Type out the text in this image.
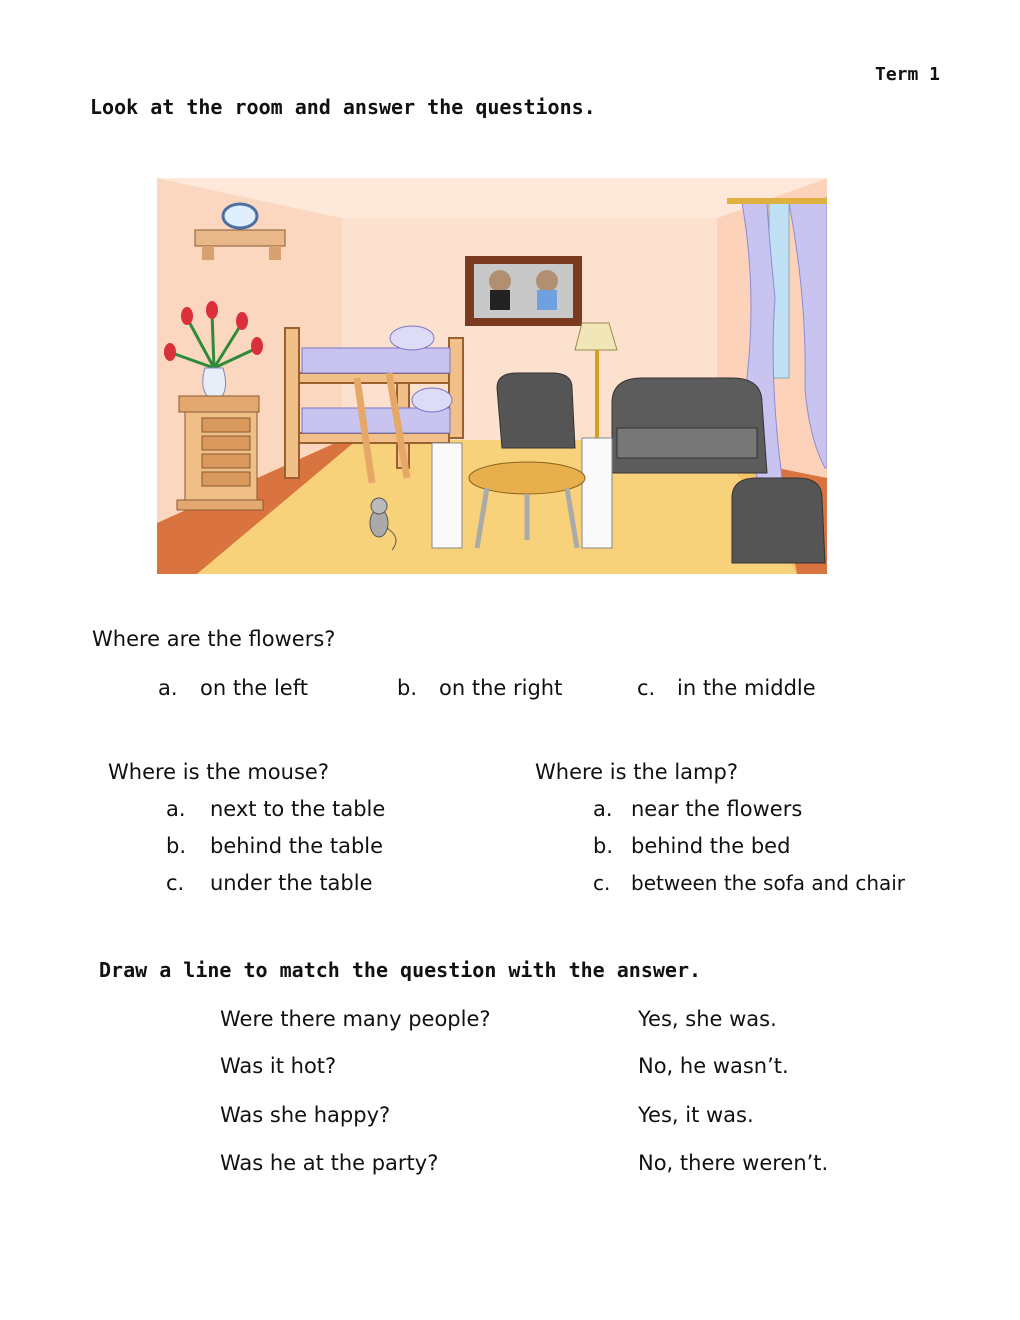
Term 1
Look at the room and answer the questions.
Where are the flowers?
a. on the left	b. on the right	c. in the middle
Where is the mouse?
a. next to the table
b. behind the table
c. under the table
Where is the lamp?
a. near the flowers
b. behind the bed
c. between the sofa and chair
Draw a line to match the question with the answer.
Were there many people?
Was it hot?
Was she happy?
Was he at the party?
Yes, she was.
No, he wasn’t.
Yes, it was.
No, there weren’t.
